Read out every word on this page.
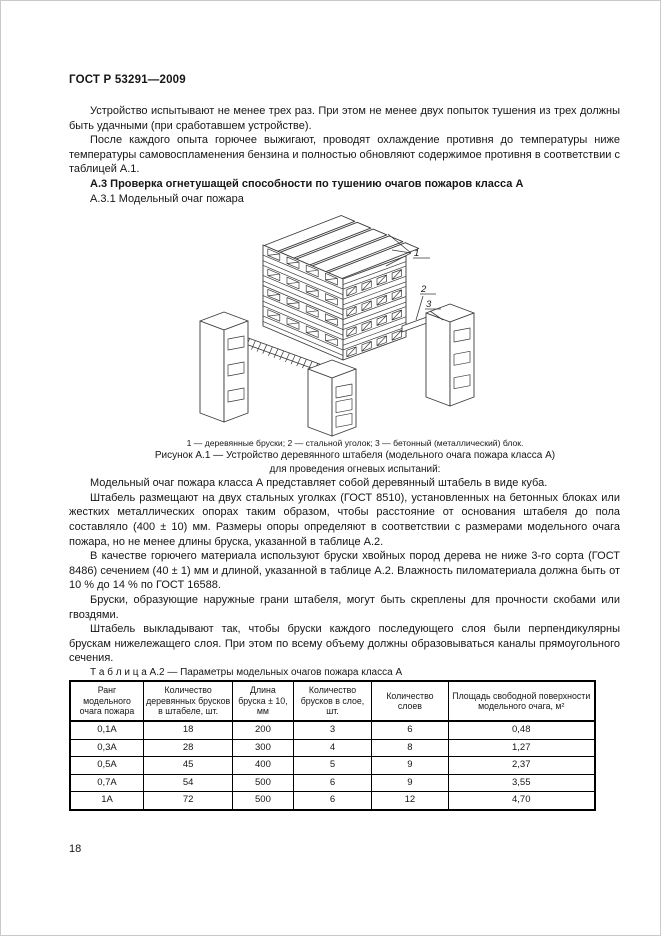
ГОСТ Р 53291—2009

Устройство испытывают не менее трех раз. При этом не менее двух попыток тушения из трех должны быть удачными (при сработавшем устройстве).

После каждого опыта горючее выжигают, проводят охлаждение противня до температуры ниже температуры самовоспламенения бензина и полностью обновляют содержимое противня в соответствии с таблицей А.1.

А.3 Проверка огнетушащей способности по тушению очагов пожаров класса А

А.3.1 Модельный очаг пожара

1
2
3

1 — деревянные бруски; 2 — стальной уголок; 3 — бетонный (металлический) блок.

Рисунок А.1 — Устройство деревянного штабеля (модельного очага пожара класса А)

для проведения огневых испытаний:

Модельный очаг пожара класса А представляет собой деревянный штабель в виде куба.

Штабель размещают на двух стальных уголках (ГОСТ 8510), установленных на бетонных блоках или жестких металлических опорах таким образом, чтобы расстояние от основания штабеля до пола составляло (400 ± 10) мм. Размеры опоры определяют в соответствии с размерами модельного очага пожара, но не менее длины бруска, указанной в таблице А.2.

В качестве горючего материала используют бруски хвойных пород дерева не ниже 3-го сорта (ГОСТ 8486) сечением (40 ± 1) мм и длиной, указанной в таблице А.2. Влажность пиломатериала должна быть от 10 % до 14 % по ГОСТ 16588.

Бруски, образующие наружные грани штабеля, могут быть скреплены для прочности скобами или гвоздями.

Штабель выкладывают так, чтобы бруски каждого последующего слоя были перпендикулярны брускам нижележащего слоя. При этом по всему объему должны образовываться каналы прямоугольного сечения.

Т а б л и ц а А.2 — Параметры модельных очагов пожара класса А

Ранг модельного очага пожара	Количество деревянных брусков в штабеле, шт.	Длина бруска ± 10, мм	Количество брусков в слое, шт.	Количество слоев	Площадь свободной поверхности модельного очага, м²
0,1А	18	200	3	6	0,48
0,3А	28	300	4	8	1,27
0,5А	45	400	5	9	2,37
0,7А	54	500	6	9	3,55
1А	72	500	6	12	4,70
18
